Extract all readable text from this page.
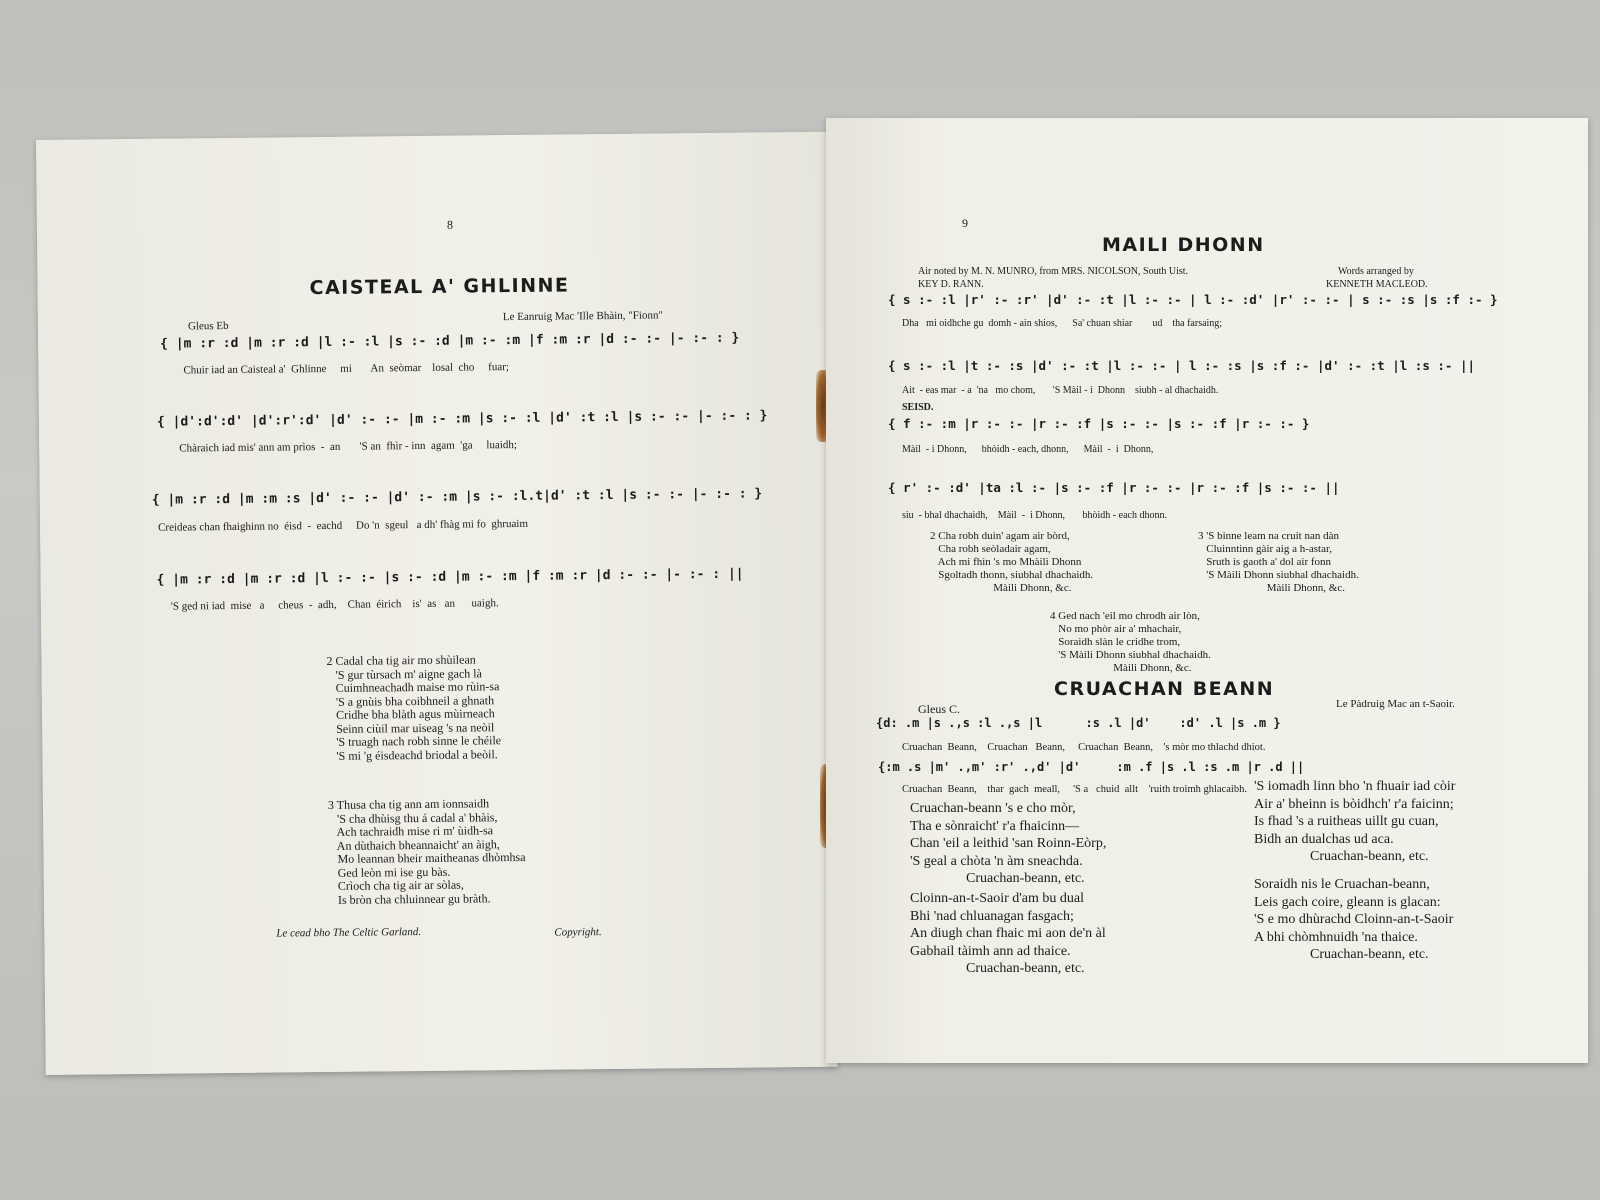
8
CAISTEAL A' GHLINNE
Gleus Eb
Le Eanruig Mac 'Ille Bhàin, "Fionn"
{ |m :r :d |m :r :d |l :- :l |s :- :d |m :- :m |f :m :r |d :- :- |- :- : }
Chuir iad an Caisteal a'  Ghlinne     mi       An  seòmar    losal  cho     fuar;
{ |d':d':d' |d':r':d' |d' :- :- |m :- :m |s :- :l |d' :t :l |s :- :- |- :- : }
Chàraich iad mis' ann am prìos  -  an       'S an  fhìr - inn  agam  'ga     luaidh;
{ |m :r :d |m :m :s |d' :- :- |d' :- :m |s :- :l.t|d' :t :l |s :- :- |- :- : }
Creideas chan fhaighinn no  éisd  -  eachd     Do 'n  sgeul   a dh' fhàg mi fo  ghruaim
{ |m :r :d |m :r :d |l :- :- |s :- :d |m :- :m |f :m :r |d :- :- |- :- : ||
'S ged ni iad  mise   a     cheus  -  adh,    Chan  éirich    is'  as   an      uaigh.
2 Cadal cha tig air mo shùilean
'S gur tùrsach m' aigne gach là
Cuimhneachadh maise mo rùin-sa
'S a gnùis bha coibhneil a ghnath
Cridhe bha blàth agus mùirneach
Seinn ciùil mar uiseag 's na neòil
'S truagh nach robh sinne le chéile
'S mi 'g éisdeachd briodal a beòil.
3 Thusa cha tig ann am ionnsaidh
'S cha dhùisg thu á cadal a' bhàis,
Ach tachraidh mise ri m' ùidh-sa
An dùthaich bheannaicht' an àigh,
Mo leannan bheir maitheanas dhòmhsa
Ged leòn mi ise gu bàs.
Crìoch cha tig air ar sòlas,
Is bròn cha chluinnear gu bràth.
Le cead bho The Celtic Garland.	Copyright.
9
MAILI DHONN
Air noted by M. N. MUNRO, from MRS. NICOLSON, South Uist.
KEY D. RANN.
Words arranged by
KENNETH MACLEOD.
{ s :- :l |r' :- :r' |d' :- :t |l :- :- | l :- :d' |r' :- :- | s :- :s |s :f :- }
Dha   mi oidhche gu  domh - ain shios,      Sa' chuan shiar        ud    tha farsaing;
{ s :- :l |t :- :s |d' :- :t |l :- :- | l :- :s |s :f :- |d' :- :t |l :s :- ||
Ait  - eas mar  - a  'na   mo chom,       'S Màil - i  Dhonn    siubh - al dhachaidh.
SEISD.
{ f :- :m |r :- :- |r :- :f |s :- :- |s :- :f |r :- :- }
Màil  - i Dhonn,      bhòidh - each, dhonn,      Màil  -  i  Dhonn,
{ r' :- :d' |ta :l :- |s :- :f |r :- :- |r :- :f |s :- :- ||
siu  - bhal dhachaidh,    Màil  -  i Dhonn,       bhòidh - each dhonn.
2 Cha robh duin' agam air bòrd,
Cha robh seòladair agam,
Ach mi fhìn 's mo Mhàili Dhonn
Sgoltadh thonn, siubhal dhachaidh.
Màili Dhonn, &c.
3 'S binne leam na cruit nan dàn
Cluinntinn gàir aig a h-astar,
Sruth is gaoth a' dol air fonn
'S Màili Dhonn siubhal dhachaidh.
Màili Dhonn, &c.
4 Ged nach 'eil mo chrodh air lòn,
No mo phòr air a' mhachair,
Soraidh slàn le cridhe trom,
'S Màili Dhonn siubhal dhachaidh.
Màili Dhonn, &c.
CRUACHAN BEANN
Gleus C.	Le Pàdruig Mac an t-Saoir.
{d: .m |s .,s :l .,s |l      :s .l |d'    :d' .l |s .m }
Cruachan  Beann,    Cruachan   Beann,     Cruachan  Beann,    's mòr mo thlachd dhiot.
{:m .s |m' .,m' :r' .,d' |d'     :m .f |s .l :s .m |r .d ||
Cruachan  Beann,    thar  gach  meall,     'S a   chuid  allt    'ruith troimh ghlacaibh.
Cruachan-beann 's e cho mòr,
Tha e sònraicht' r'a fhaicinn—
Chan 'eil a leithid 'san Roinn-Eòrp,
'S geal a chòta 'n àm sneachda.
Cruachan-beann, etc.
Cloinn-an-t-Saoir d'am bu dual
Bhi 'nad chluanagan fasgach;
An diugh chan fhaic mi aon de'n àl
Gabhail tàimh ann ad thaice.
Cruachan-beann, etc.
'S iomadh linn bho 'n fhuair iad còir
Air a' bheinn is bòidhch' r'a faicinn;
Is fhad 's a ruitheas uillt gu cuan,
Bidh an dualchas ud aca.
Cruachan-beann, etc.
Soraidh nis le Cruachan-beann,
Leis gach coire, gleann is glacan:
'S e mo dhùrachd Cloinn-an-t-Saoir
A bhi chòmhnuidh 'na thaice.
Cruachan-beann, etc.
